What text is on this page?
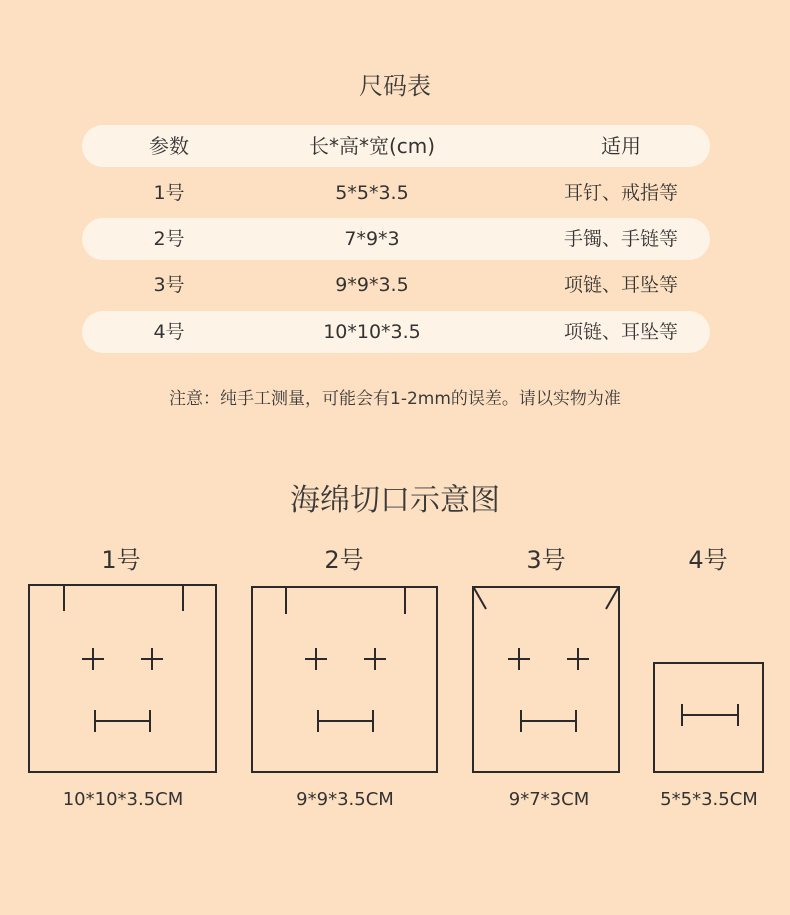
尺码表
参数	长*高*宽(cm)	适用
1号	5*5*3.5	耳钉、戒指等
2号	7*9*3	手镯、手链等
3号	9*9*3.5	项链、耳坠等
4号	10*10*3.5	项链、耳坠等
注意：纯手工测量，可能会有1-2mm的误差。请以实物为准
海绵切口示意图
1号	2号	3号	4号
10*10*3.5CM	9*9*3.5CM	9*7*3CM	5*5*3.5CM
